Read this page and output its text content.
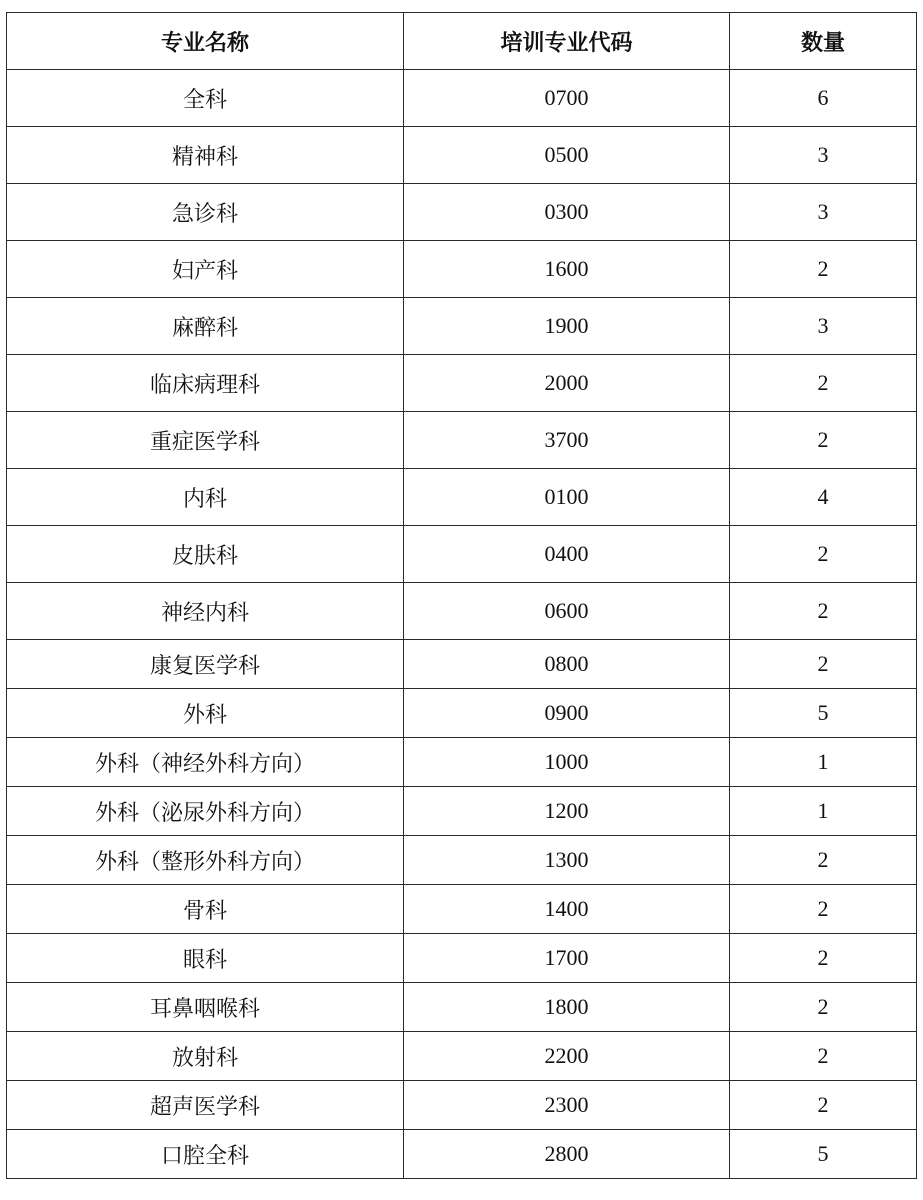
专业名称	培训专业代码	数量
全科	0700	6
精神科	0500	3
急诊科	0300	3
妇产科	1600	2
麻醉科	1900	3
临床病理科	2000	2
重症医学科	3700	2
内科	0100	4
皮肤科	0400	2
神经内科	0600	2
康复医学科	0800	2
外科	0900	5
外科（神经外科方向）	1000	1
外科（泌尿外科方向）	1200	1
外科（整形外科方向）	1300	2
骨科	1400	2
眼科	1700	2
耳鼻咽喉科	1800	2
放射科	2200	2
超声医学科	2300	2
口腔全科	2800	5
